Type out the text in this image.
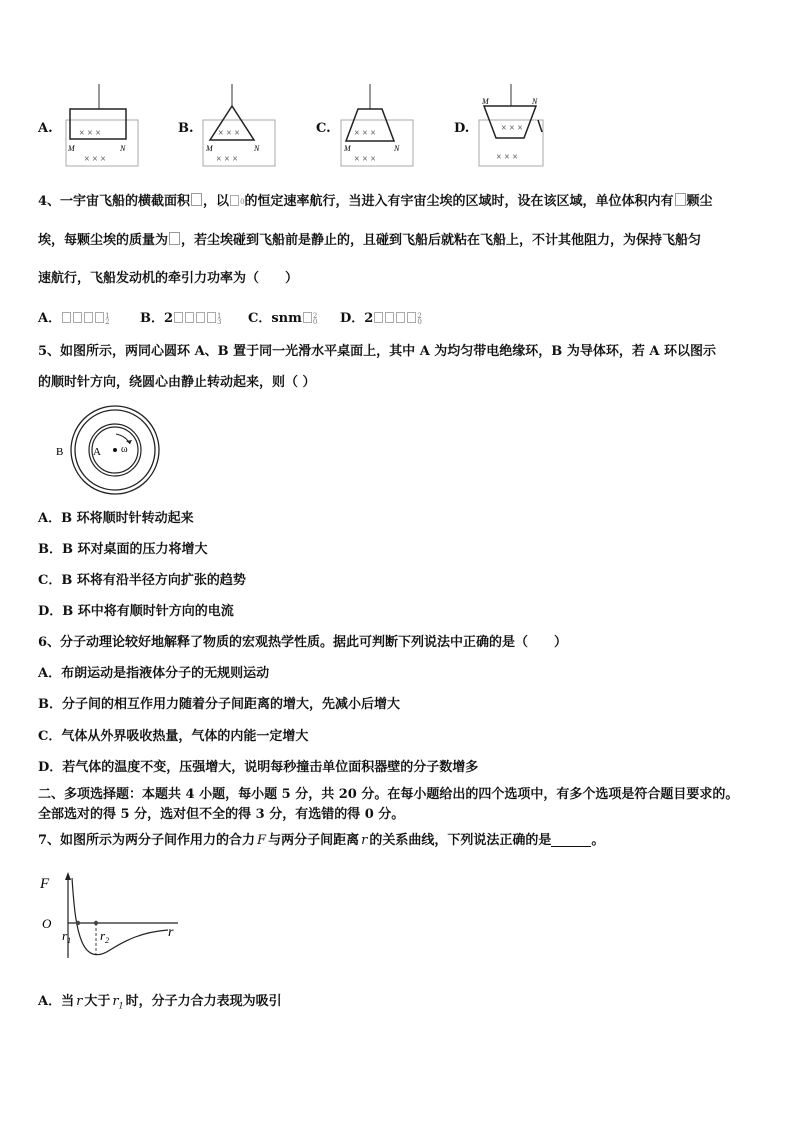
A.	× × ×
M	N
× × ×
B. × × ×
M	N
× × ×
C. × × ×
M	N
× × ×
D.
M	N
× × ×
× × ×
4、一宇宙飞船的横截面积 ，以 0的恒定速率航行，当进入有宇宙尘埃的区域时，设在该区域，单位体积内有 颗尘
埃，每颗尘埃的质量为 ，若尘埃碰到飞船前是静止的，且碰到飞船后就粘在飞船上，不计其他阻力，为保持飞船匀
速航行，飞船发动机的牵引力功率为（　　）
A．	1
2 B．2	1
3 C．snm 2
0 D．2	2
0
5、如图所示，两同心圆环 A、B 置于同一光滑水平桌面上，其中 A 为均匀带电绝缘环，B 为导体环，若 A 环以图示
的顺时针方向，绕圆心由静止转动起来，则（ ）
B	A ω
A．B 环将顺时针转动起来
B．B 环对桌面的压力将增大
C．B 环将有沿半径方向扩张的趋势
D．B 环中将有顺时针方向的电流
6、分子动理论较好地解释了物质的宏观热学性质。据此可判断下列说法中正确的是（　　）
A．布朗运动是指液体分子的无规则运动
B．分子间的相互作用力随着分子间距离的增大，先减小后增大
C．气体从外界吸收热量，气体的内能一定增大
D．若气体的温度不变，压强增大，说明每秒撞击单位面积器壁的分子数增多
二、多项选择题：本题共 4 小题，每小题 5 分，共 20 分。在每小题给出的四个选项中，有多个选项是符合题目要求的。
全部选对的得 5 分，选对但不全的得 3 分，有选错的得 0 分。
7、如图所示为两分子间作用力的合力 F 与两分子间距离 r 的关系曲线，下列说法正确的是	。
F
O
$r_1$ $r_2$
r
A．当 r 大于 $r_1$ 时，分子力合力表现为吸引
